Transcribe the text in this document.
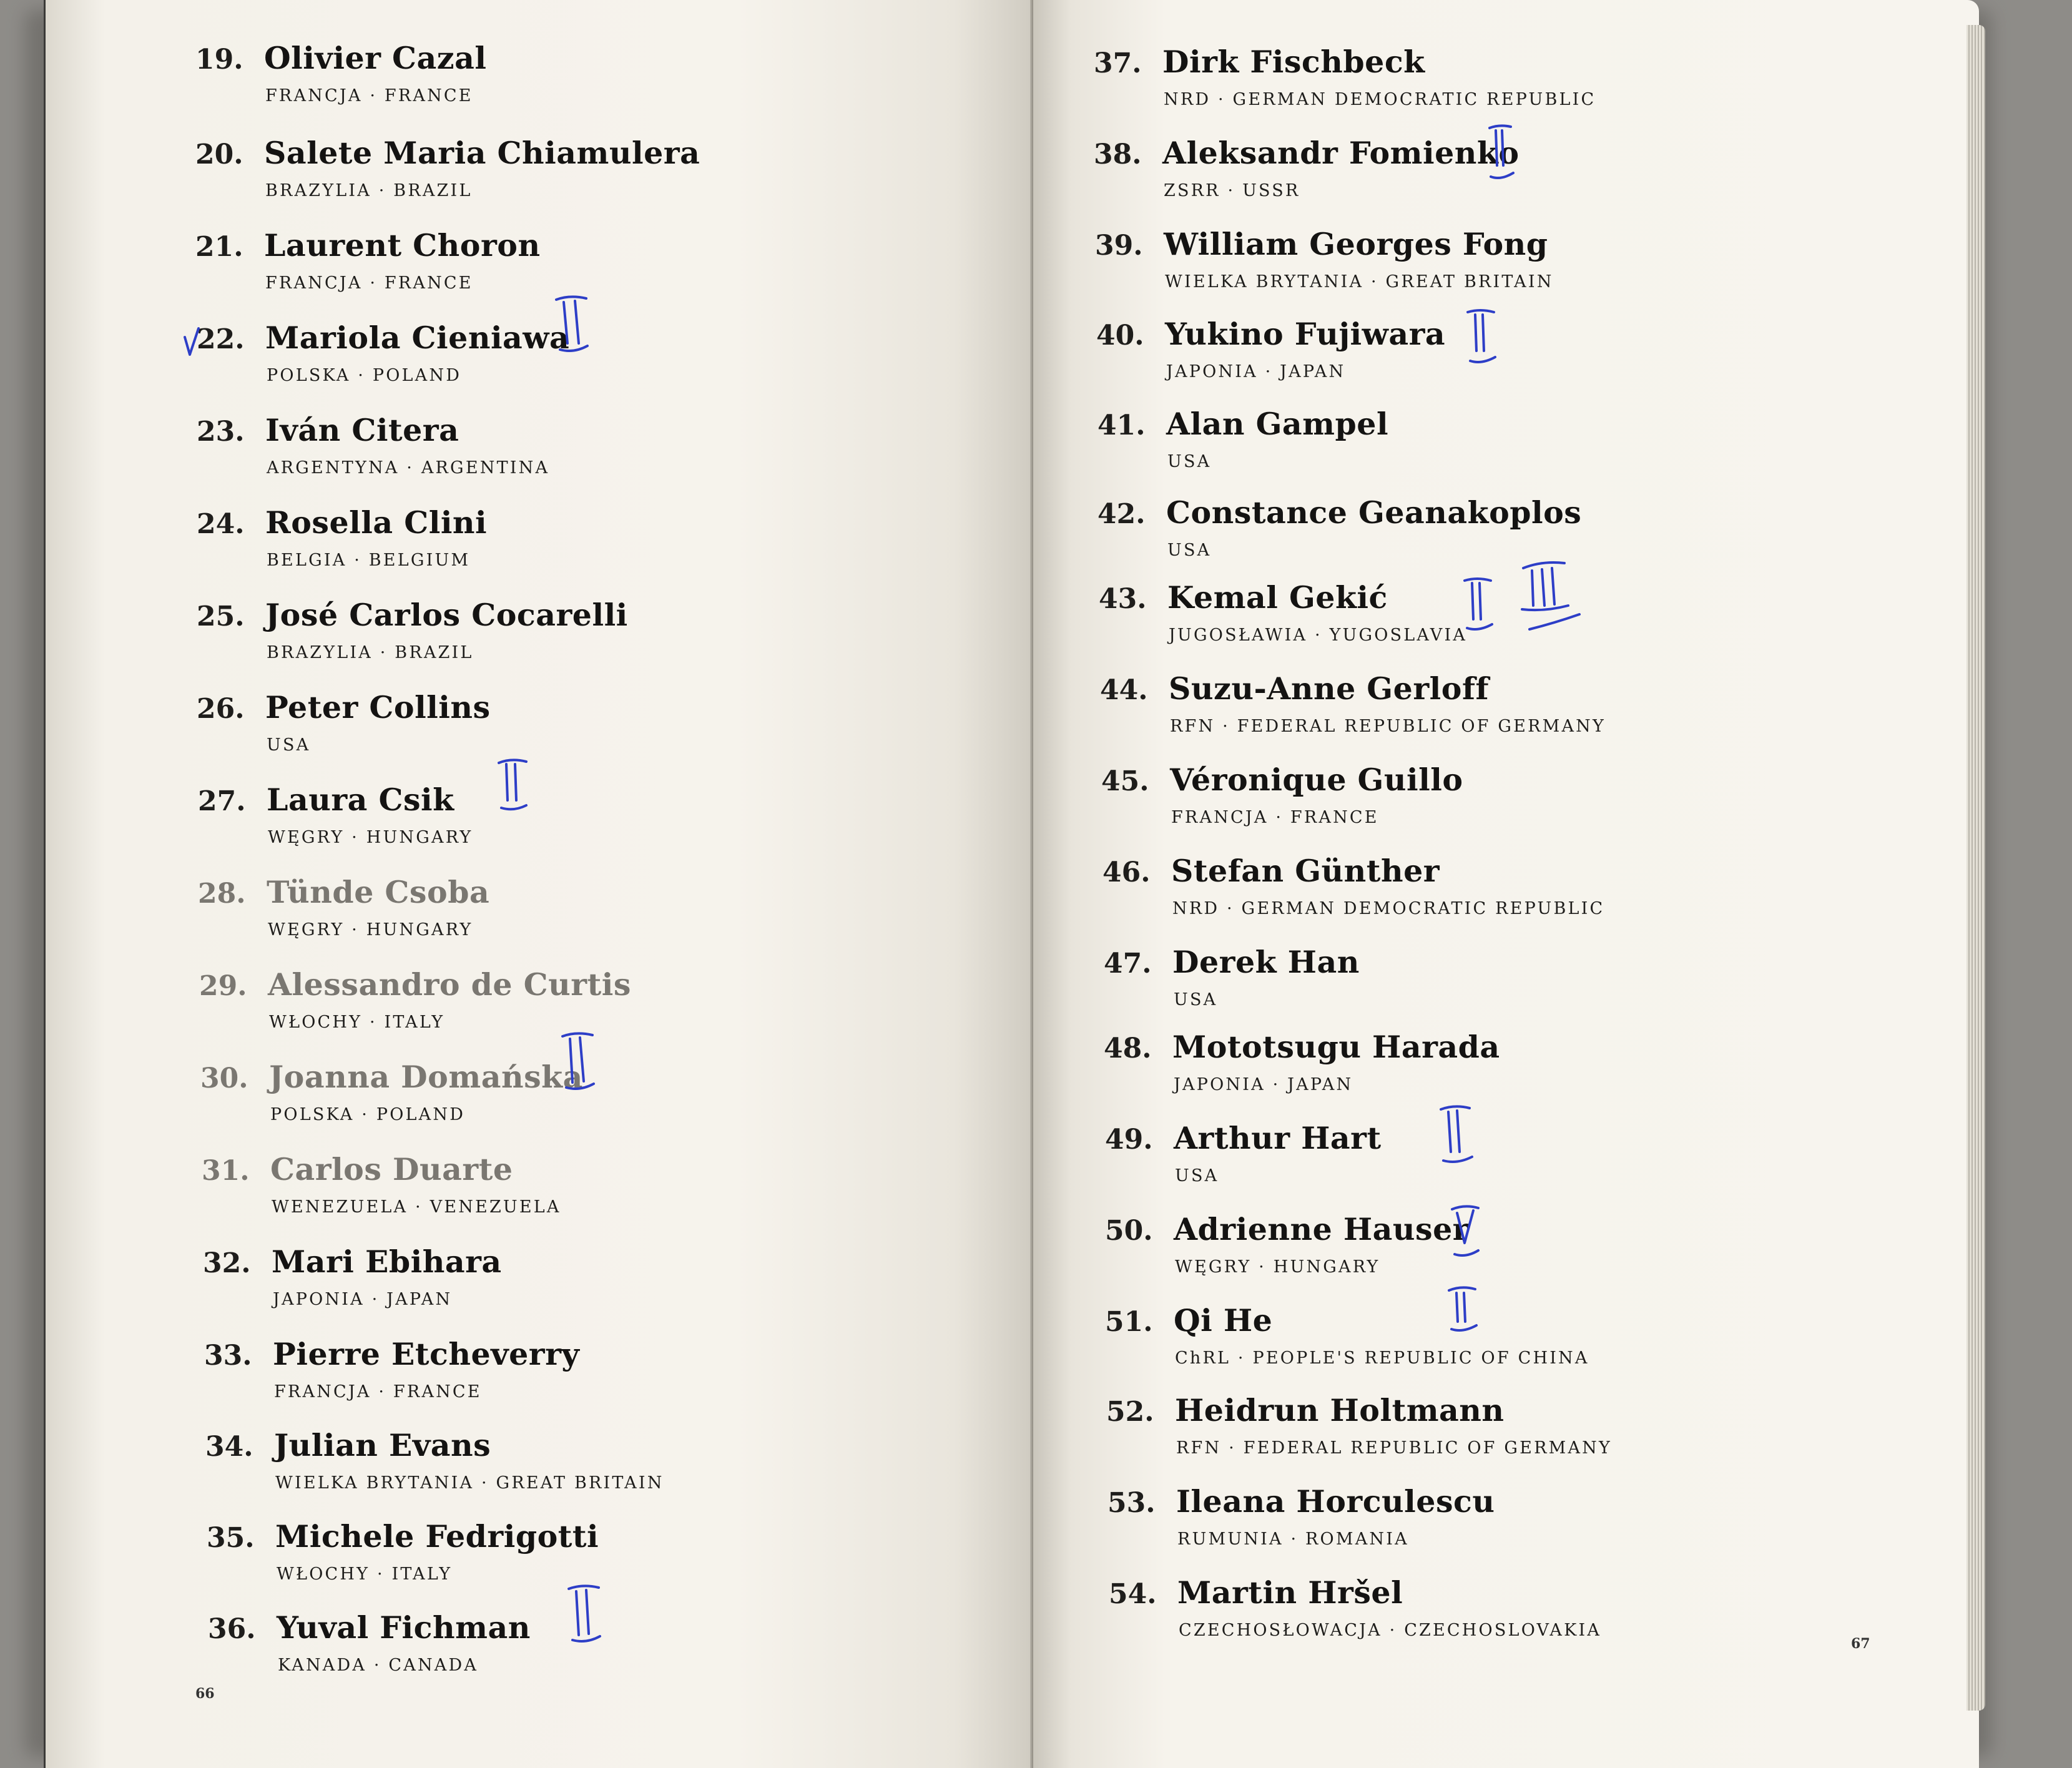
19. Olivier Cazal
FRANCJA · FRANCE
20. Salete Maria Chiamulera
BRAZYLIA · BRAZIL
21. Laurent Choron
FRANCJA · FRANCE
22. Mariola Cieniawa
POLSKA · POLAND
23. Iván Citera
ARGENTYNA · ARGENTINA
24. Rosella Clini
BELGIA · BELGIUM
25. José Carlos Cocarelli
BRAZYLIA · BRAZIL
26. Peter Collins
USA
27. Laura Csik
WĘGRY · HUNGARY
28. Tünde Csoba
WĘGRY · HUNGARY
29. Alessandro de Curtis
WŁOCHY · ITALY
30. Joanna Domańska
POLSKA · POLAND
31. Carlos Duarte
WENEZUELA · VENEZUELA
32. Mari Ebihara
JAPONIA · JAPAN
33. Pierre Etcheverry
FRANCJA · FRANCE
34. Julian Evans
WIELKA BRYTANIA · GREAT BRITAIN
35. Michele Fedrigotti
WŁOCHY · ITALY
36. Yuval Fichman
KANADA · CANADA
66
37. Dirk Fischbeck
NRD · GERMAN DEMOCRATIC REPUBLIC
38. Aleksandr Fomienko
ZSRR · USSR
39. William Georges Fong
WIELKA BRYTANIA · GREAT BRITAIN
40. Yukino Fujiwara
JAPONIA · JAPAN
41. Alan Gampel
USA
42. Constance Geanakoplos
USA
43. Kemal Gekić
JUGOSŁAWIA · YUGOSLAVIA
44. Suzu-Anne Gerloff
RFN · FEDERAL REPUBLIC OF GERMANY
45. Véronique Guillo
FRANCJA · FRANCE
46. Stefan Günther
NRD · GERMAN DEMOCRATIC REPUBLIC
47. Derek Han
USA
48. Mototsugu Harada
JAPONIA · JAPAN
49. Arthur Hart
USA
50. Adrienne Hauser
WĘGRY · HUNGARY
51. Qi He
ChRL · PEOPLE'S REPUBLIC OF CHINA
52. Heidrun Holtmann
RFN · FEDERAL REPUBLIC OF GERMANY
53. Ileana Horculescu
RUMUNIA · ROMANIA
54. Martin Hršel
CZECHOSŁOWACJA · CZECHOSLOVAKIA
67
